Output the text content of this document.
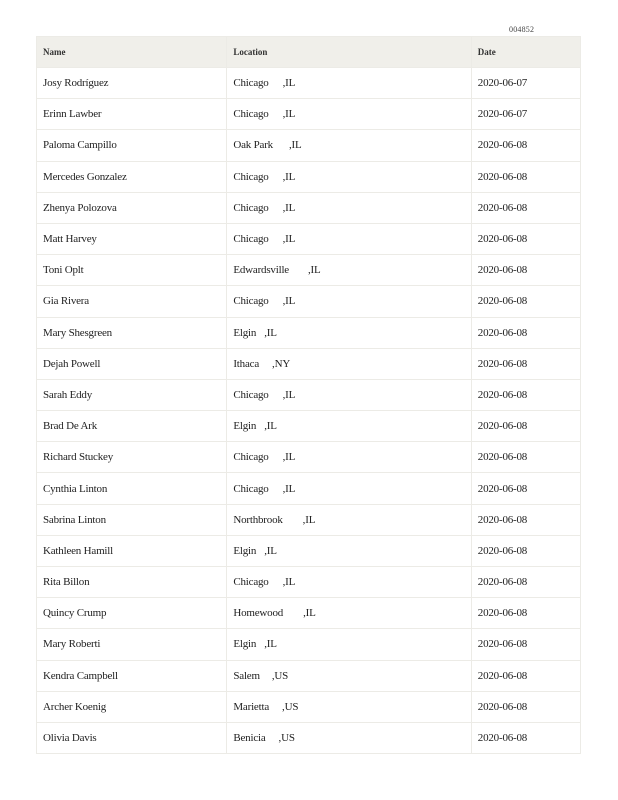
004852
Name	Location	Date
Josy Rodríguez	Chicago ,IL	2020-06-07
Erinn Lawber	Chicago ,IL	2020-06-07
Paloma Campillo	Oak Park ,IL	2020-06-08
Mercedes Gonzalez	Chicago ,IL	2020-06-08
Zhenya Polozova	Chicago ,IL	2020-06-08
Matt Harvey	Chicago ,IL	2020-06-08
Toni Oplt	Edwardsville ,IL	2020-06-08
Gia Rivera	Chicago ,IL	2020-06-08
Mary Shesgreen	Elgin ,IL	2020-06-08
Dejah Powell	Ithaca ,NY	2020-06-08
Sarah Eddy	Chicago ,IL	2020-06-08
Brad De Ark	Elgin ,IL	2020-06-08
Richard Stuckey	Chicago ,IL	2020-06-08
Cynthia Linton	Chicago ,IL	2020-06-08
Sabrina Linton	Northbrook ,IL	2020-06-08
Kathleen Hamill	Elgin ,IL	2020-06-08
Rita Billon	Chicago ,IL	2020-06-08
Quincy Crump	Homewood ,IL	2020-06-08
Mary Roberti	Elgin ,IL	2020-06-08
Kendra Campbell	Salem ,US	2020-06-08
Archer Koenig	Marietta ,US	2020-06-08
Olivia Davis	Benicia ,US	2020-06-08
